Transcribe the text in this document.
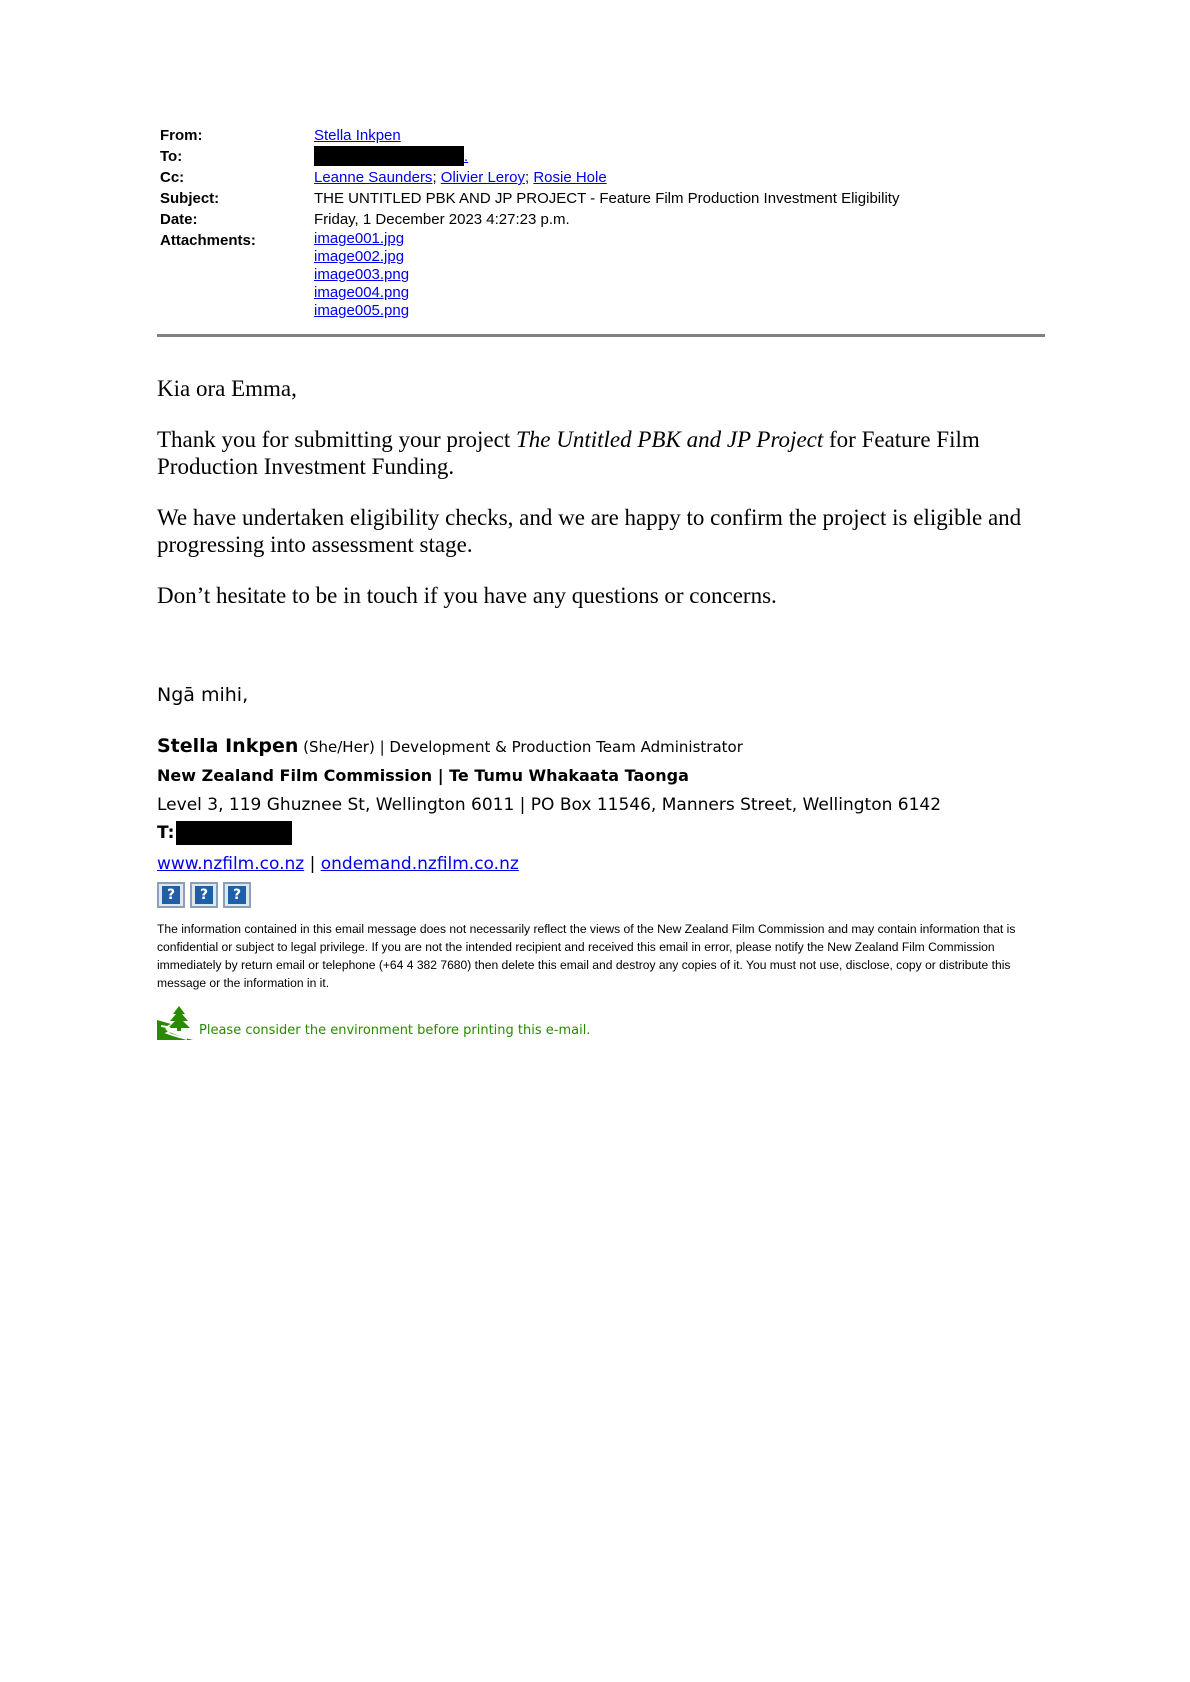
From:	Stella Inkpen
To:	.
Cc:	Leanne Saunders; Olivier Leroy; Rosie Hole
Subject:	THE UNTITLED PBK AND JP PROJECT - Feature Film Production Investment Eligibility
Date:	Friday, 1 December 2023 4:27:23 p.m.
Attachments:	image001.jpg
image002.jpg
image003.png
image004.png
image005.png

Kia ora Emma,

Thank you for submitting your project The Untitled PBK and JP Project for Feature Film Production Investment Funding.

We have undertaken eligibility checks, and we are happy to confirm the project is eligible and progressing into assessment stage.

Don’t hesitate to be in touch if you have any questions or concerns.

Ngā mihi,
Stella Inkpen (She/Her) | Development & Production Team Administrator
New Zealand Film Commission | Te Tumu Whakaata Taonga
Level 3, 119 Ghuznee St, Wellington 6011 | PO Box 11546, Manners Street, Wellington 6142
T:
www.nzfilm.co.nz | ondemand.nzfilm.co.nz
?	?	?
The information contained in this email message does not necessarily reflect the views of the New Zealand Film Commission and may contain information that is confidential or subject to legal privilege. If you are not the intended recipient and received this email in error, please notify the New Zealand Film Commission immediately by return email or telephone (+64 4 382 7680) then delete this email and destroy any copies of it. You must not use, disclose, copy or distribute this message or the information in it.
Please consider the environment before printing this e-mail.
